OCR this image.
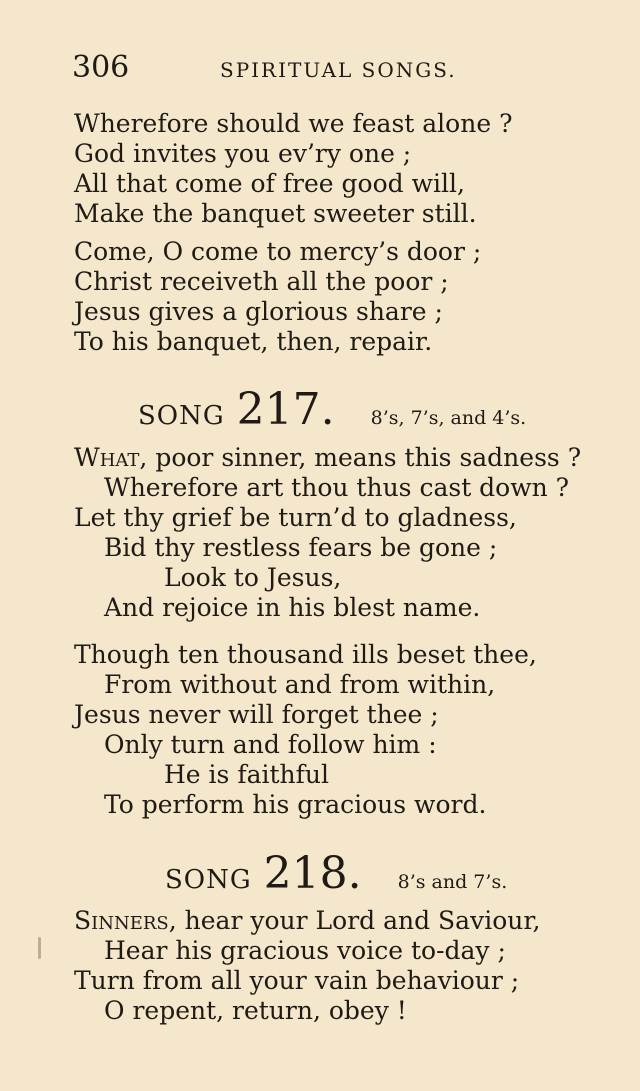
306	SPIRITUAL SONGS.
Wherefore should we feast alone ?
God invites you ev’ry one ;
All that come of free good will,
Make the banquet sweeter still.
Come, O come to mercy’s door ;
Christ receiveth all the poor ;
Jesus gives a glorious share ;
To his banquet, then, repair.
SONG 217. 8’s, 7’s, and 4’s.
What, poor sinner, means this sadness ?
Wherefore art thou thus cast down ?
Let thy grief be turn’d to gladness,
Bid thy restless fears be gone ;
Look to Jesus,
And rejoice in his blest name.
Though ten thousand ills beset thee,
From without and from within,
Jesus never will forget thee ;
Only turn and follow him :
He is faithful
To perform his gracious word.
SONG 218. 8’s and 7’s.
Sinners, hear your Lord and Saviour,
Hear his gracious voice to-day ;
Turn from all your vain behaviour ;
O repent, return, obey !
